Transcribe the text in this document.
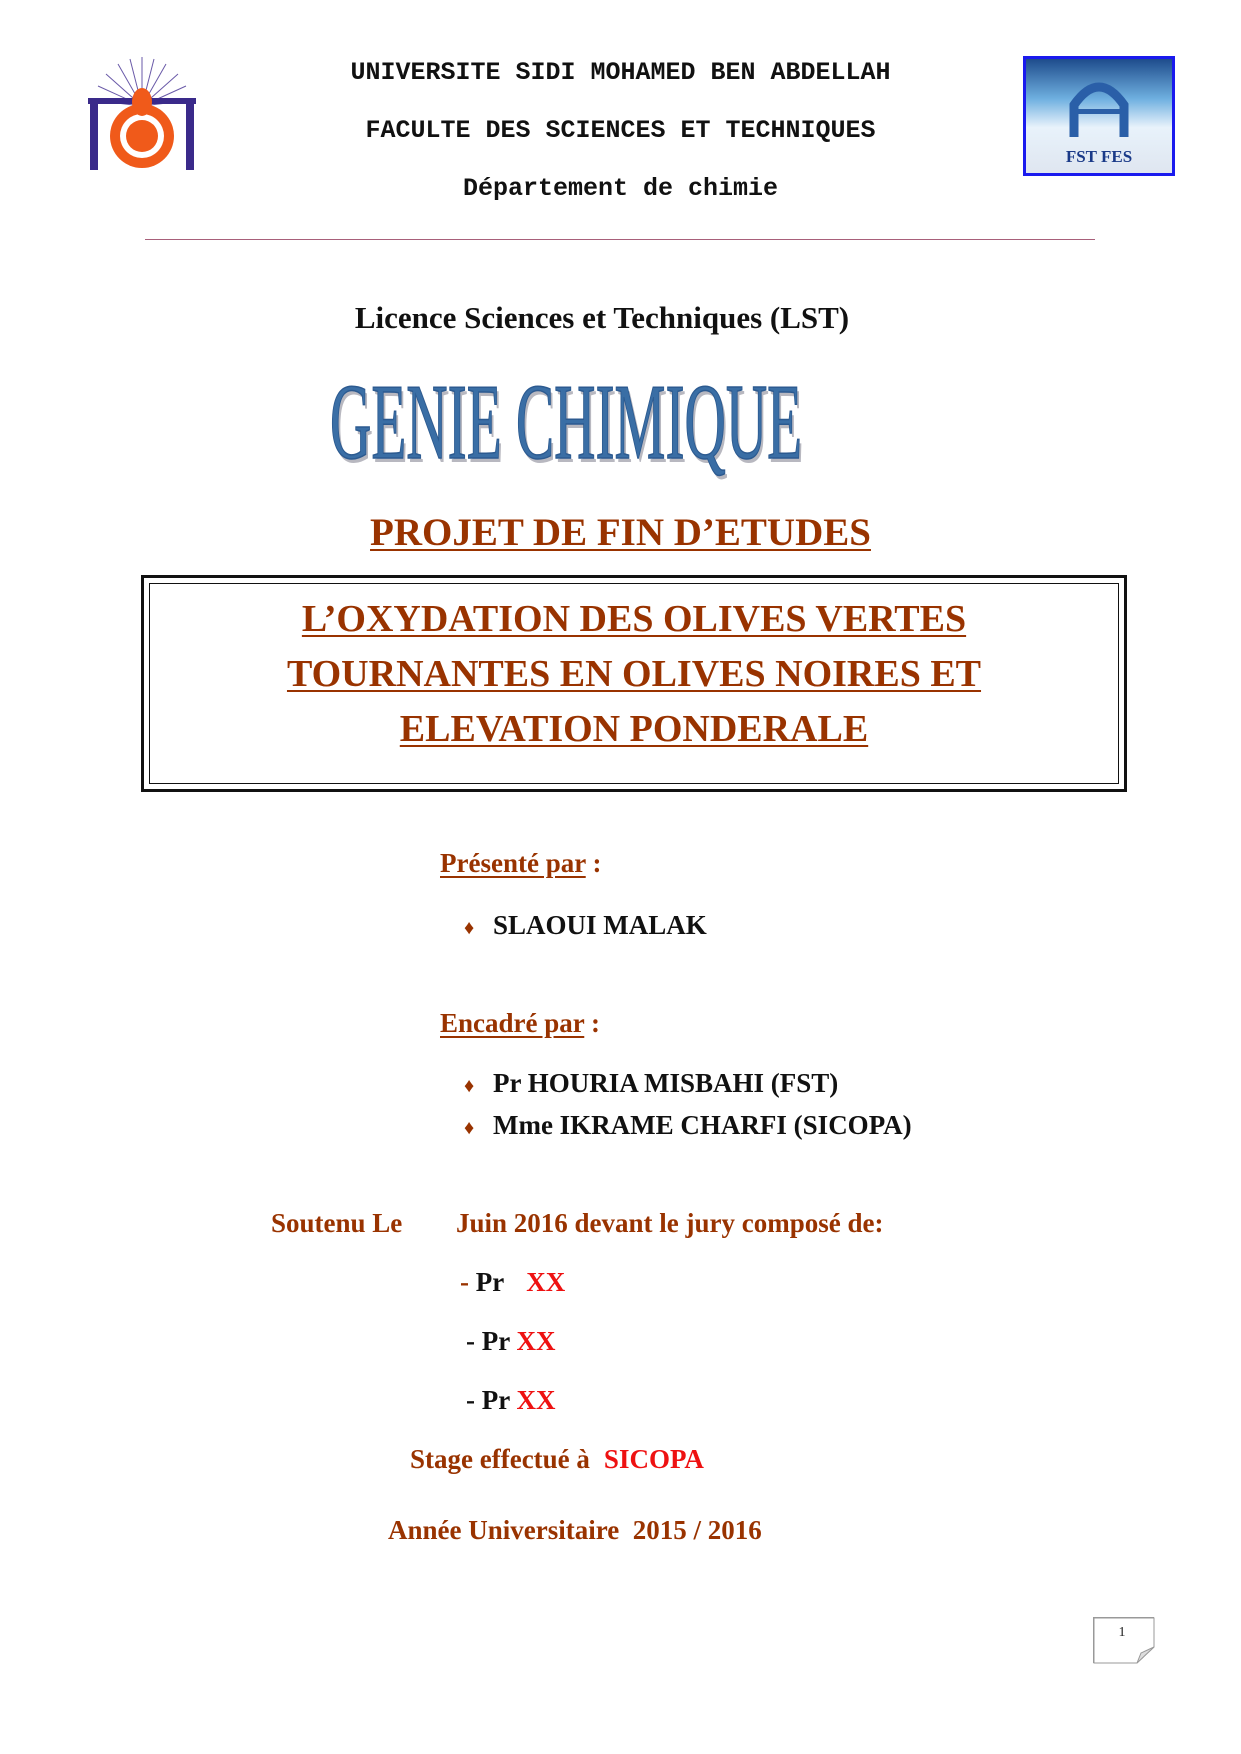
FST FES
UNIVERSITE SIDI MOHAMED BEN ABDELLAH
FACULTE DES SCIENCES ET TECHNIQUES
Département de chimie
Licence Sciences et Techniques (LST)
GENIE CHIMIQUE
PROJET DE FIN D’ETUDES
L’OXYDATION DES OLIVES VERTES
TOURNANTES EN OLIVES NOIRES ET
ELEVATION PONDERALE
Présenté par :
♦ SLAOUI MALAK
Encadré par :
♦ Pr HOURIA MISBAHI (FST)
♦ Mme IKRAME CHARFI (SICOPA)
Soutenu Le Juin 2016 devant le jury composé de:
- Pr XX
- Pr XX
- Pr XX
Stage effectué à SICOPA
Année Universitaire  2015 / 2016
1
